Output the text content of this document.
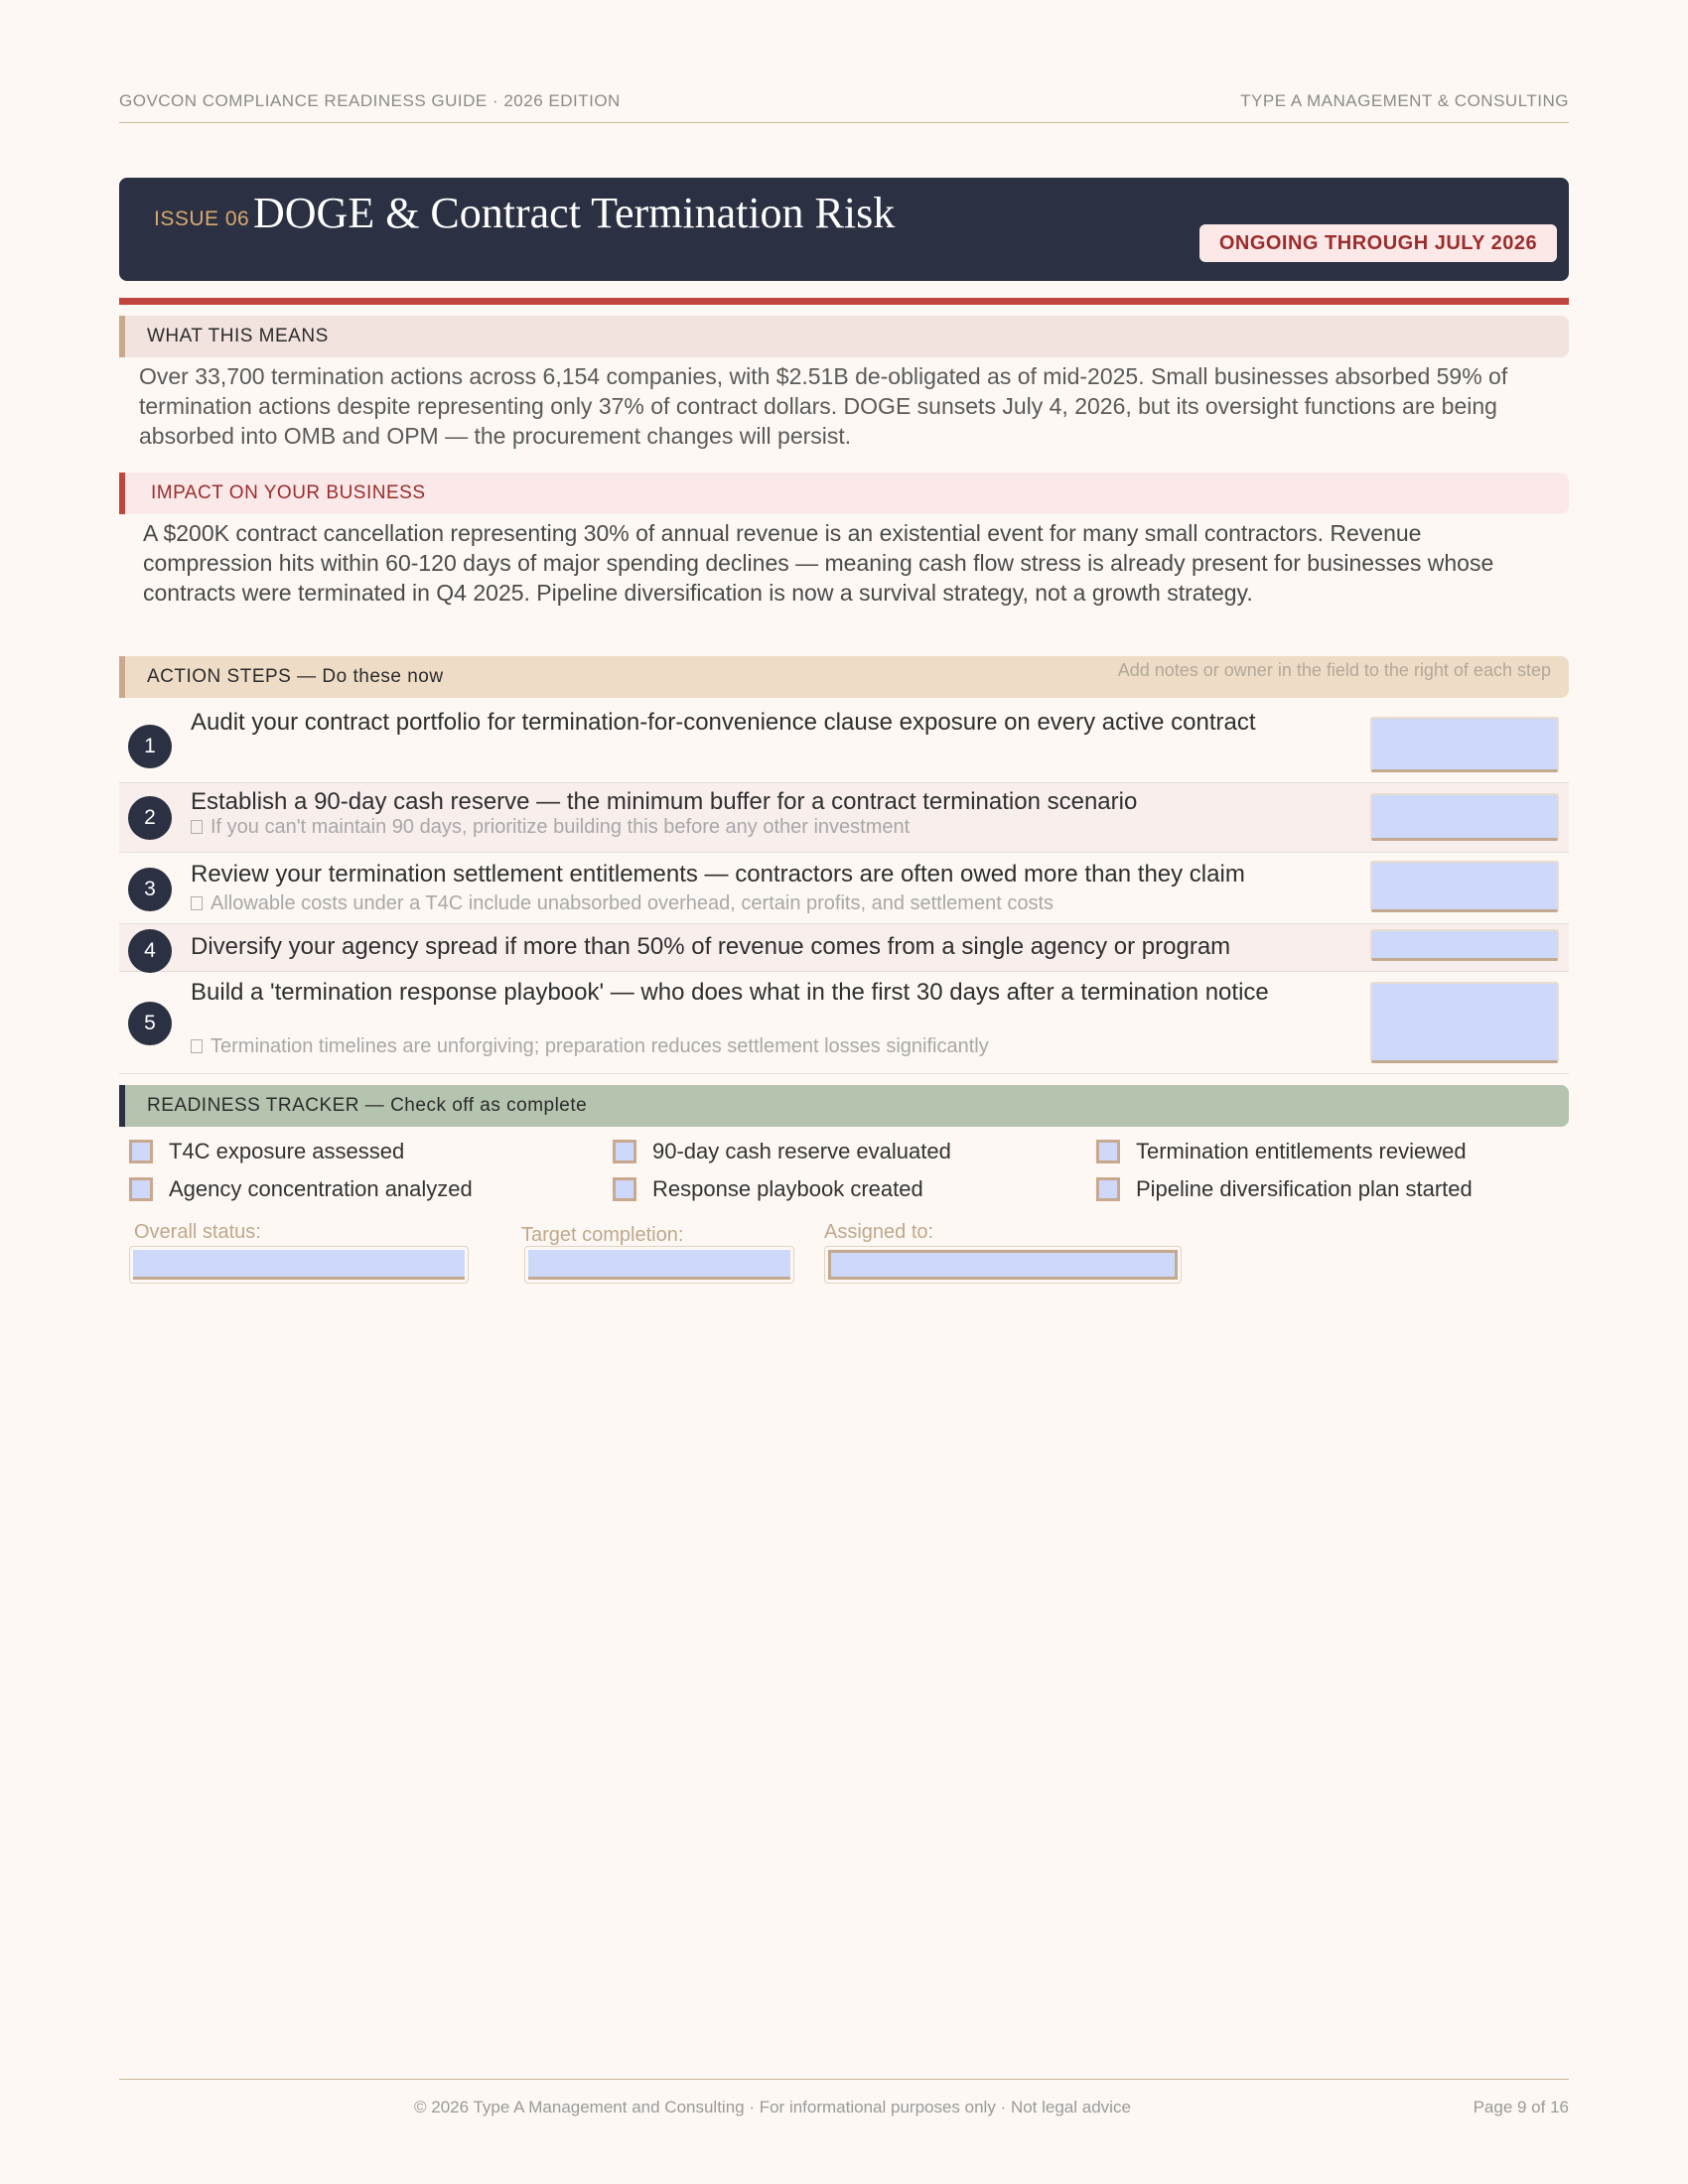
GOVCON COMPLIANCE READINESS GUIDE · 2026 EDITION	TYPE A MANAGEMENT & CONSULTING
ISSUE 06 DOGE & Contract Termination Risk
ONGOING THROUGH JULY 2026
WHAT THIS MEANS
Over 33,700 termination actions across 6,154 companies, with $2.51B de-obligated as of mid-2025. Small businesses absorbed 59% of termination actions despite representing only 37% of contract dollars. DOGE sunsets July 4, 2026, but its oversight functions are being absorbed into OMB and OPM — the procurement changes will persist.
IMPACT ON YOUR BUSINESS
A $200K contract cancellation representing 30% of annual revenue is an existential event for many small contractors. Revenue compression hits within 60-120 days of major spending declines — meaning cash flow stress is already present for businesses whose contracts were terminated in Q4 2025. Pipeline diversification is now a survival strategy, not a growth strategy.
ACTION STEPS — Do these now	Add notes or owner in the field to the right of each step
1
Audit your contract portfolio for termination-for-convenience clause exposure on every active contract
2
Establish a 90-day cash reserve — the minimum buffer for a contract termination scenario
If you can't maintain 90 days, prioritize building this before any other investment
3
Review your termination settlement entitlements — contractors are often owed more than they claim
Allowable costs under a T4C include unabsorbed overhead, certain profits, and settlement costs
4	Diversify your agency spread if more than 50% of revenue comes from a single agency or program
5
Build a 'termination response playbook' — who does what in the first 30 days after a termination notice
Termination timelines are unforgiving; preparation reduces settlement losses significantly
READINESS TRACKER — Check off as complete
T4C exposure assessed	90-day cash reserve evaluated	Termination entitlements reviewed
Agency concentration analyzed	Response playbook created	Pipeline diversification plan started
Overall status:	Target completion:	Assigned to:
© 2026 Type A Management and Consulting · For informational purposes only · Not legal advice	Page 9 of 16
